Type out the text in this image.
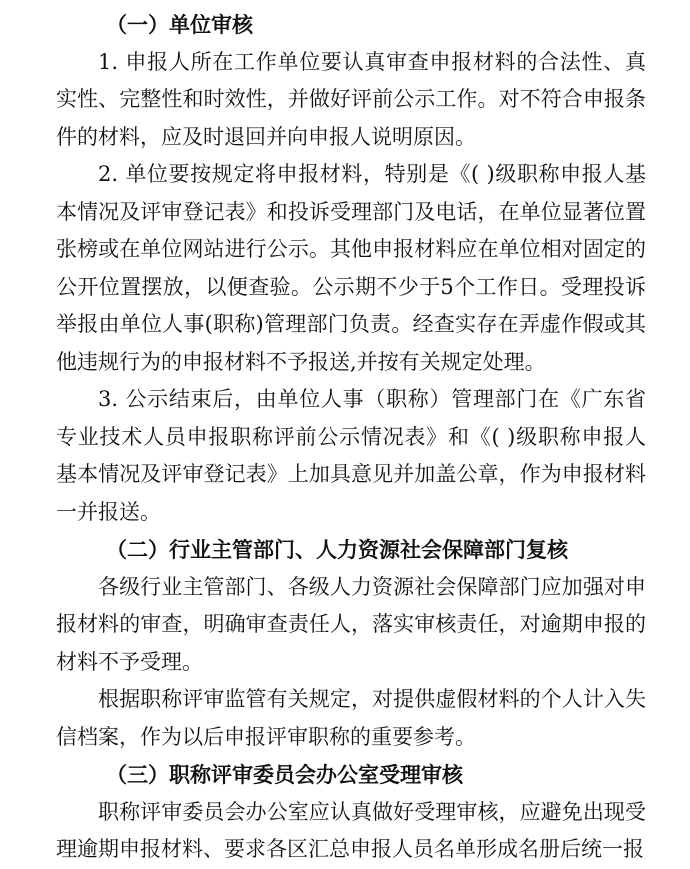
（一）单位审核

1. 申报人所在工作单位要认真审查申报材料的合法性、真实性、完整性和时效性，并做好评前公示工作。对不符合申报条件的材料，应及时退回并向申报人说明原因。

2. 单位要按规定将申报材料，特别是《( )级职称申报人基本情况及评审登记表》和投诉受理部门及电话，在单位显著位置张榜或在单位网站进行公示。其他申报材料应在单位相对固定的公开位置摆放，以便查验。公示期不少于5个工作日。受理投诉举报由单位人事(职称)管理部门负责。经查实存在弄虚作假或其他违规行为的申报材料不予报送,并按有关规定处理。

3. 公示结束后，由单位人事（职称）管理部门在《广东省专业技术人员申报职称评前公示情况表》和《( )级职称申报人基本情况及评审登记表》上加具意见并加盖公章，作为申报材料一并报送。

（二）行业主管部门、人力资源社会保障部门复核

各级行业主管部门、各级人力资源社会保障部门应加强对申报材料的审查，明确审查责任人，落实审核责任，对逾期申报的材料不予受理。

根据职称评审监管有关规定，对提供虚假材料的个人计入失信档案，作为以后申报评审职称的重要参考。

（三）职称评审委员会办公室受理审核

职称评审委员会办公室应认真做好受理审核，应避免出现受理逾期申报材料、要求各区汇总申报人员名单形成名册后统一报
